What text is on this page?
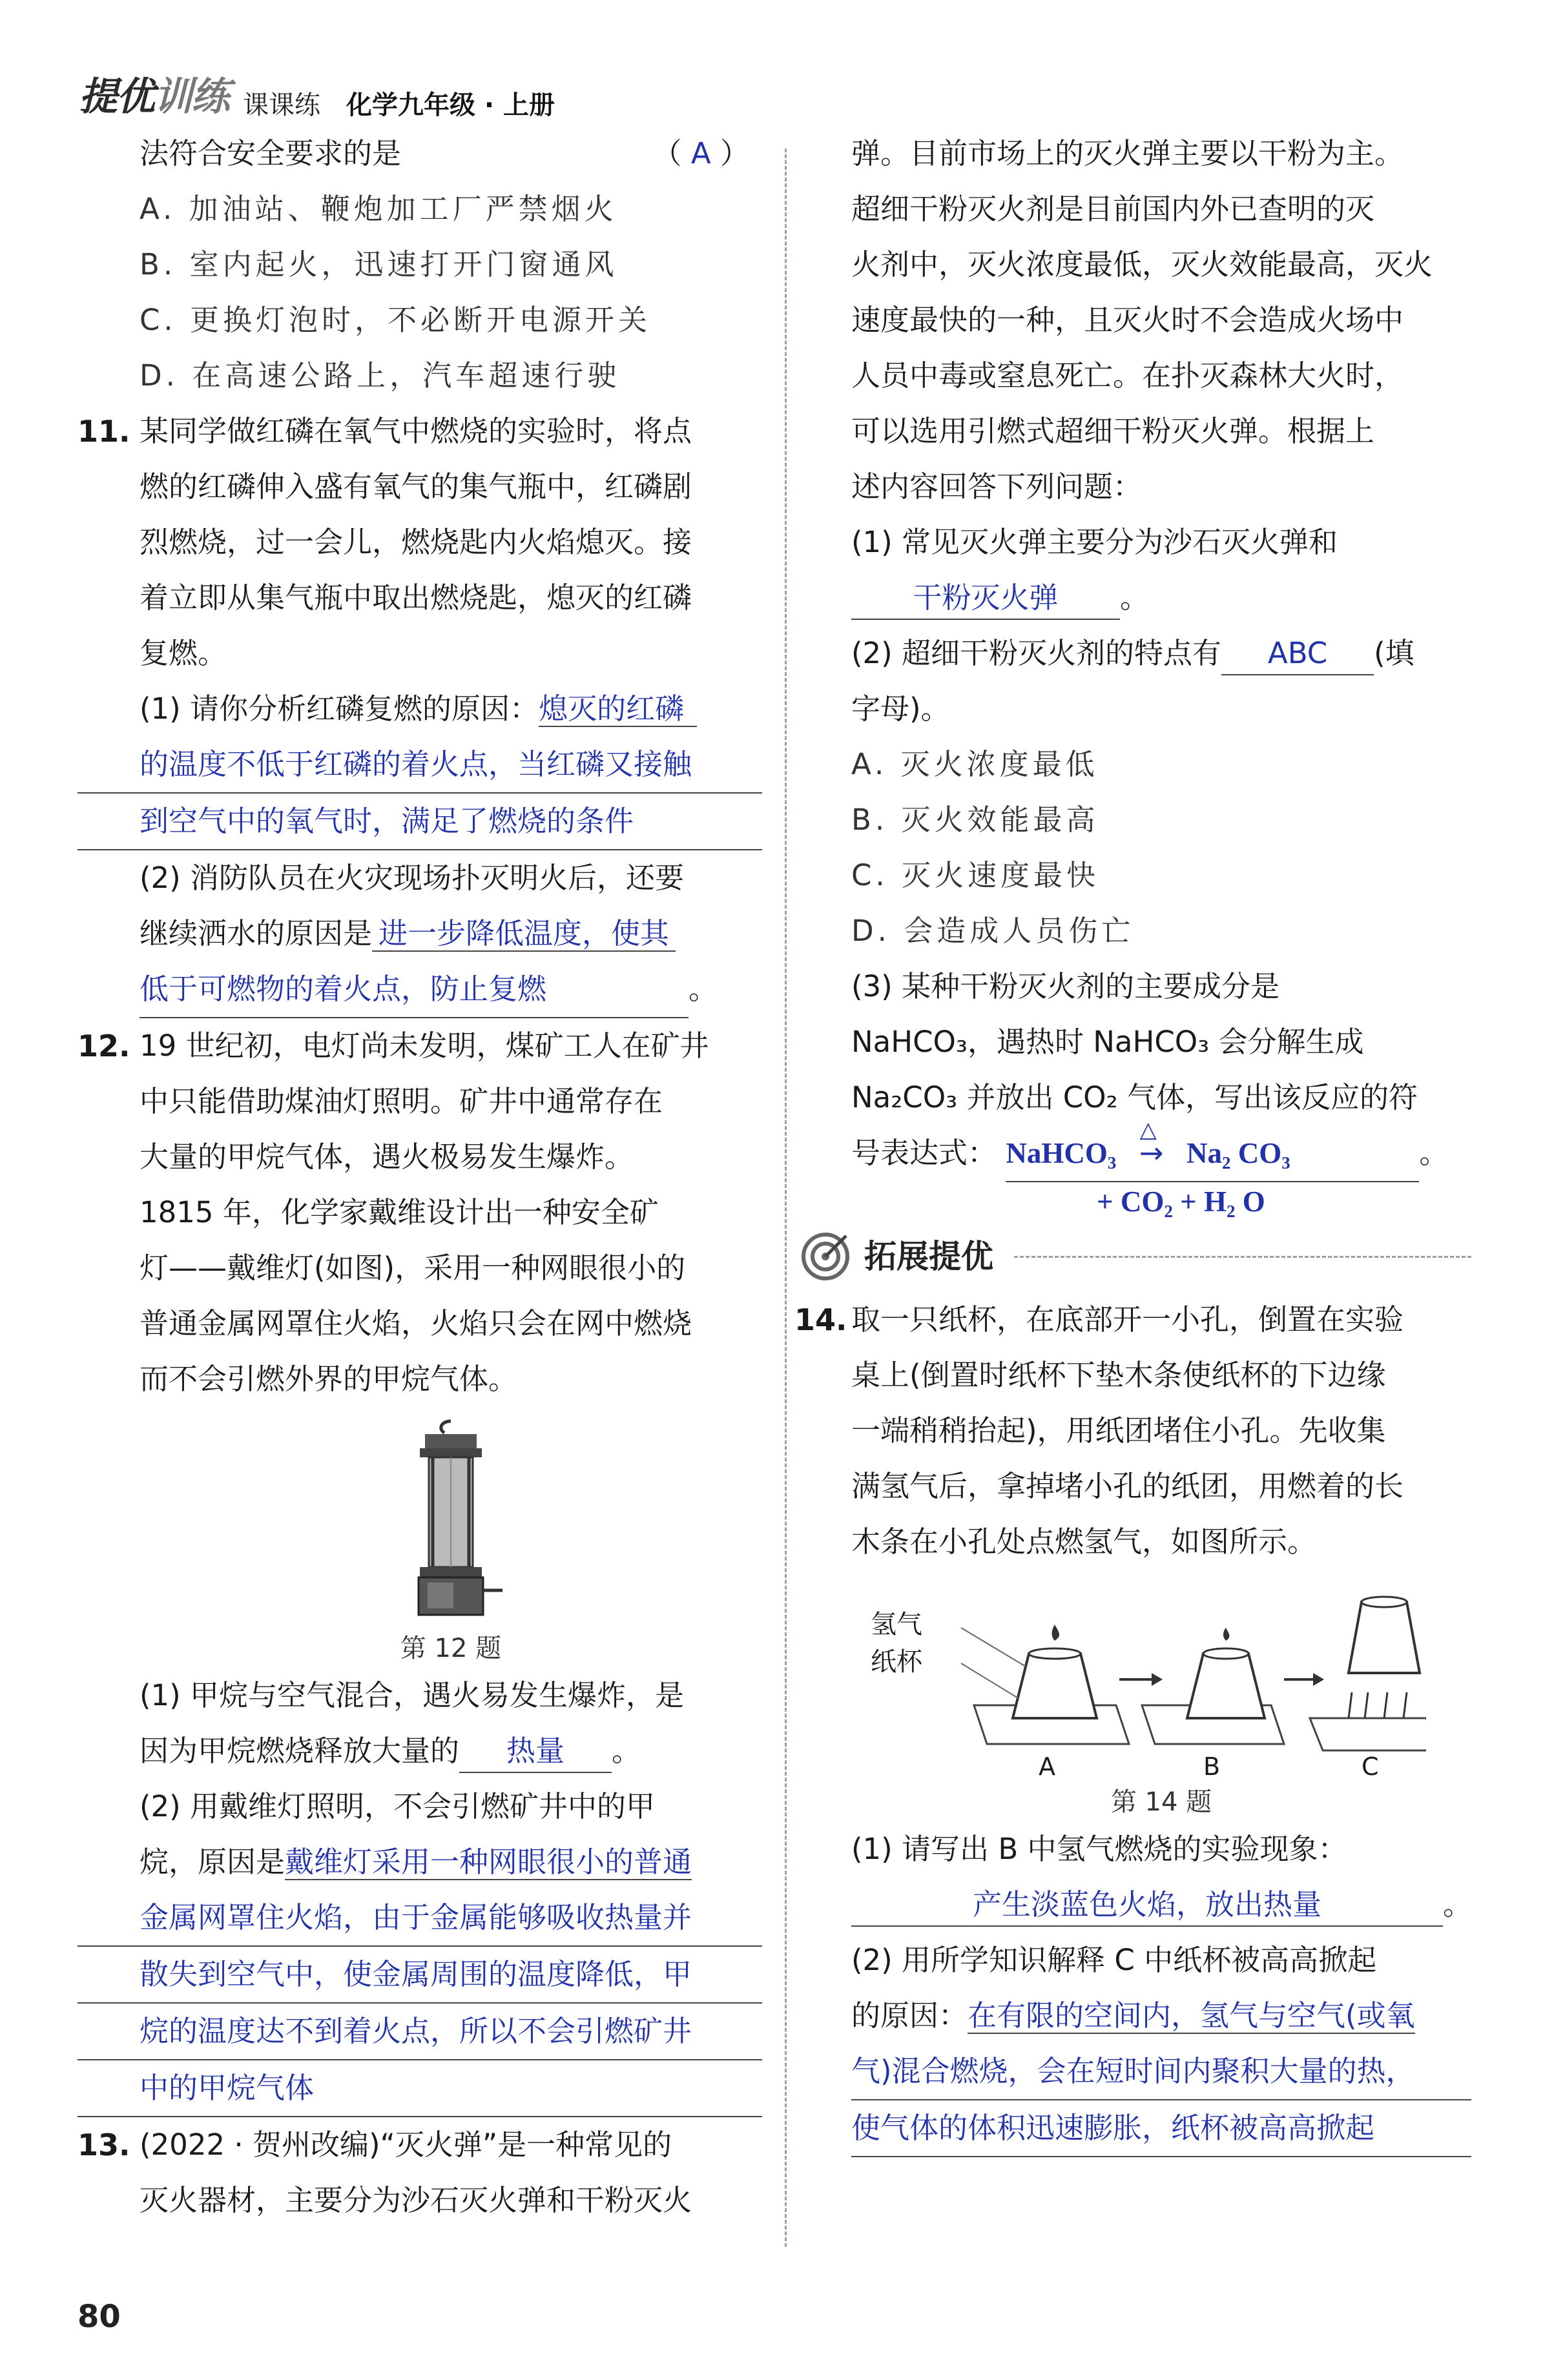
提优训练 课课练 化学九年级 · 上册
法符合安全要求的是	（ A ）
A. 加油站、鞭炮加工厂严禁烟火
B. 室内起火，迅速打开门窗通风
C. 更换灯泡时，不必断开电源开关
D. 在高速公路上，汽车超速行驶
11. 某同学做红磷在氧气中燃烧的实验时，将点
燃的红磷伸入盛有氧气的集气瓶中，红磷剧
烈燃烧，过一会儿，燃烧匙内火焰熄灭。接
着立即从集气瓶中取出燃烧匙，熄灭的红磷
复燃。
(1) 请你分析红磷复燃的原因：熄灭的红磷
的温度不低于红磷的着火点，当红磷又接触
到空气中的氧气时，满足了燃烧的条件
(2) 消防队员在火灾现场扑灭明火后，还要
继续洒水的原因是 进一步降低温度，使其
低于可燃物的着火点，防止复燃	。
12. 19 世纪初，电灯尚未发明，煤矿工人在矿井
中只能借助煤油灯照明。矿井中通常存在
大量的甲烷气体，遇火极易发生爆炸。
1815 年，化学家戴维设计出一种安全矿
灯——戴维灯(如图)，采用一种网眼很小的
普通金属网罩住火焰，火焰只会在网中燃烧
而不会引燃外界的甲烷气体。
第 12 题
(1) 甲烷与空气混合，遇火易发生爆炸，是
因为甲烷燃烧释放大量的 热量 。
(2) 用戴维灯照明，不会引燃矿井中的甲
烷，原因是戴维灯采用一种网眼很小的普通
金属网罩住火焰，由于金属能够吸收热量并
散失到空气中，使金属周围的温度降低，甲
烷的温度达不到着火点，所以不会引燃矿井
中的甲烷气体
13. (2022 · 贺州改编)“灭火弹”是一种常见的
灭火器材，主要分为沙石灭火弹和干粉灭火
弹。目前市场上的灭火弹主要以干粉为主。
超细干粉灭火剂是目前国内外已查明的灭
火剂中，灭火浓度最低，灭火效能最高，灭火
速度最快的一种，且灭火时不会造成火场中
人员中毒或窒息死亡。在扑灭森林大火时，
可以选用引燃式超细干粉灭火弹。根据上
述内容回答下列问题：
(1) 常见灭火弹主要分为沙石灭火弹和
干粉灭火弹 。
(2) 超细干粉灭火剂的特点有 ABC (填
字母)。
A. 灭火浓度最低
B. 灭火效能最高
C. 灭火速度最快
D. 会造成人员伤亡
(3) 某种干粉灭火剂的主要成分是
NaHCO₃，遇热时 NaHCO₃ 会分解生成
Na₂CO₃ 并放出 CO₂ 气体，写出该反应的符
号表达式： NaHCO₃
△
→ Na₂ CO₃	。
+ CO₂ + H₂ O
拓展提优
14. 取一只纸杯，在底部开一小孔，倒置在实验
桌上(倒置时纸杯下垫木条使纸杯的下边缘
一端稍稍抬起)，用纸团堵住小孔。先收集
满氢气后，拿掉堵小孔的纸团，用燃着的长
木条在小孔处点燃氢气，如图所示。
氢气
纸杯
A	B	C
第 14 题
(1) 请写出 B 中氢气燃烧的实验现象：
产生淡蓝色火焰，放出热量	。
(2) 用所学知识解释 C 中纸杯被高高掀起
的原因：在有限的空间内，氢气与空气(或氧
气)混合燃烧，会在短时间内聚积大量的热，
使气体的体积迅速膨胀，纸杯被高高掀起
80
